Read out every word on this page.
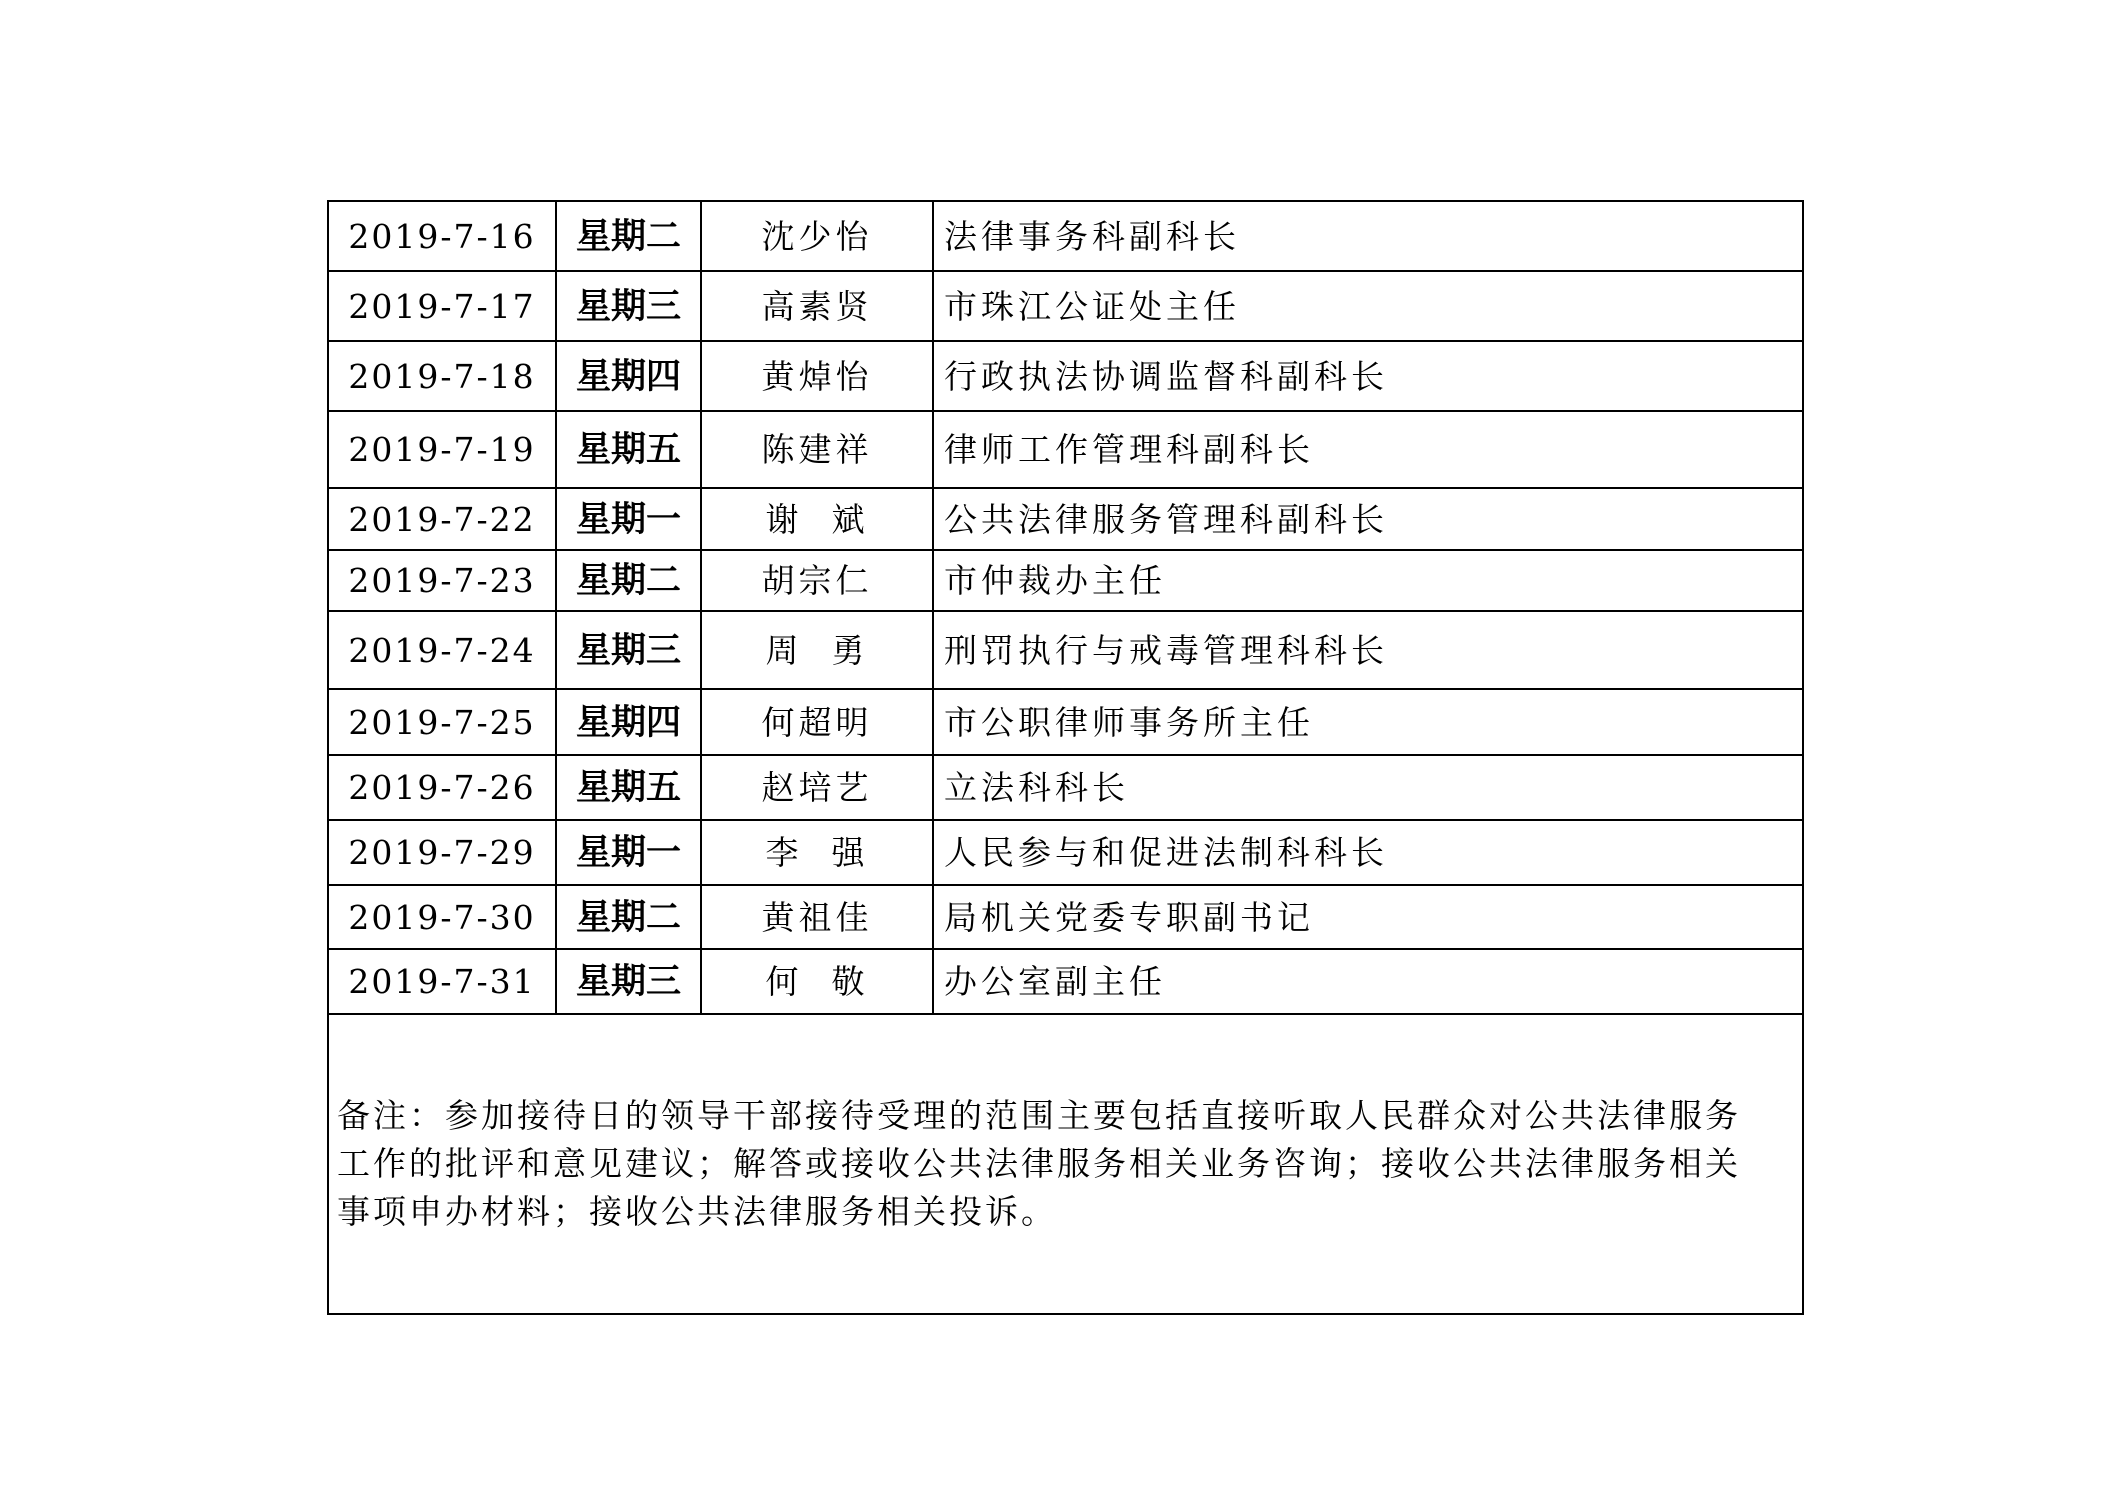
2019-7-16	星期二	沈少怡	法律事务科副科长
2019-7-17	星期三	高素贤	市珠江公证处主任
2019-7-18	星期四	黄焯怡	行政执法协调监督科副科长
2019-7-19	星期五	陈建祥	律师工作管理科副科长
2019-7-22	星期一	谢  斌	公共法律服务管理科副科长
2019-7-23	星期二	胡宗仁	市仲裁办主任
2019-7-24	星期三	周  勇	刑罚执行与戒毒管理科科长
2019-7-25	星期四	何超明	市公职律师事务所主任
2019-7-26	星期五	赵培艺	立法科科长
2019-7-29	星期一	李  强	人民参与和促进法制科科长
2019-7-30	星期二	黄祖佳	局机关党委专职副书记
2019-7-31	星期三	何  敬	办公室副主任

备注：参加接待日的领导干部接待受理的范围主要包括直接听取人民群众对公共法律服务工作的批评和意见建议；解答或接收公共法律服务相关业务咨询；接收公共法律服务相关事项申办材料；接收公共法律服务相关投诉。			
